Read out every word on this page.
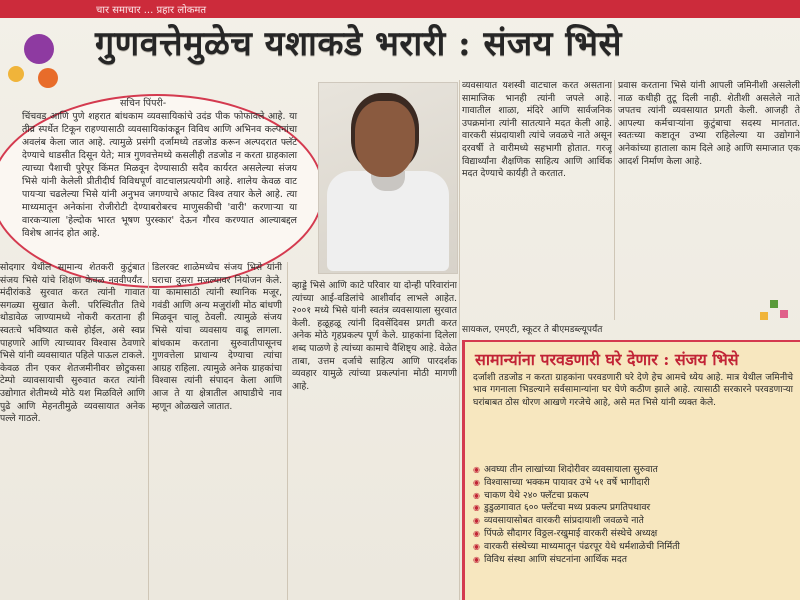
चार समाचार ... प्रहार लोकमत
गुणवत्तेमुळेच यशाकडे भरारी : संजय भिसे
सचिन पिंपरी-

चिंचवड आणि पुणे शहरात बांधकाम व्यवसायिकांचे उदंड पीक फोफावले आहे. या तीव्र स्पर्धेत टिकून राहण्यासाठी व्यवसायिकांकडून विविध आणि अभिनव कल्पनांचा अवलंब केला जात आहे. त्यामुळे प्रसंगी दर्जामध्ये तडजोड करून अल्पदरात फ्लॅट देण्याचे धाडसीत दिसून येते; मात्र गुणवत्तेमध्ये कसलीही तडजोड न करता ग्राहकाला त्याच्या पैशाची पुरेपूर किंमत मिळवून देण्यासाठी सदैव कार्यरत असलेल्या संजय भिसे यांनी केलेली प्रीतीदीर्घ विविधपूर्ण वाटचालप्रत्ययोगी आहे. शालेय केवळ वाट पायऱ्या चढलेल्या भिसे यांनी अनुभव जगण्याचे अफाट विश्व तयार केले आहे. त्या माध्यमातून अनेकांना रोजीरोटी देण्याबरोबरच माणुसकीची 'वारी' करणाऱ्या या वारकऱ्याला 'हेल्दोक भारत भूषण पुरस्कार' देऊन गौरव करण्यात आल्याबद्दल विशेष आनंद होत आहे.

सोदगार येथील सामान्य शेतकरी कुटुंबात संजय भिसे यांचे शिक्षण केवळ नववीपर्यंत. मंदीरांकडे सुरवात करत त्यांनी गावात सगळ्या सुखात केली. परिस्थितीत तिथे थोडावेळ जाण्यामध्ये नोकरी करताना ही स्वतःचे भविष्यात कसे होईल, असे स्वप्न पाहणारे आणि त्याच्यावर विश्वास ठेवणारे भिसे यांनी व्यवसायात पहिले पाऊल टाकले. केवळ तीन एकर शेतजमीनीवर छोटुकसा टेम्पो व्यावसायाची सुरुवात करत त्यांनी उद्योगात शेतीमध्ये मोठे यश मिळविले आणि पुढे आणि मेहनतीमुळे व्यवसायात अनेक पल्ले गाठले.

डिलरक्ट शाळेमध्येच संजय भिसे यांनी घराचा दुसरा मजल्यावर नियोजन केले. या कामासाठी त्यांनी स्थानिक मजूर, गवंडी आणि अन्य मजुरांशी मोठ बांधणी मिळवून चालू ठेवली. त्यामुळे संजय भिसे यांचा व्यवसाय वाढू लागला. बांधकाम करताना सुरुवातीपासूनच गुणवत्तेला प्राधान्य देण्याचा त्यांचा आग्रह राहिला. त्यामुळे अनेक ग्राहकांचा विश्वास त्यांनी संपादन केला आणि आज ते या क्षेत्रातील आघाडीचे नाव म्हणून ओळखले जातात.

व्हाड्डे भिसे आणि काटे परिवार या दोन्ही परिवारांना त्यांच्या आई-वडिलांचे आशीर्वाद लाभले आहेत. २००१ मध्ये भिसे यांनी स्वतंत्र व्यवसायाला सुरवात केली. हळूहळू त्यांनी दिवसेंदिवस प्रगती करत अनेक मोठे गृहप्रकल्प पूर्ण केले. ग्राहकांना दिलेला शब्द पाळणे हे त्यांच्या कामाचे वैशिष्ट्य आहे. वेळेत ताबा, उत्तम दर्जाचे साहित्य आणि पारदर्शक व्यवहार यामुळे त्यांच्या प्रकल्पांना मोठी मागणी आहे.

व्यवसायात यशस्वी वाटचाल करत असताना सामाजिक भानही त्यांनी जपले आहे. गावातील शाळा, मंदिरे आणि सार्वजनिक उपक्रमांना त्यांनी सातत्याने मदत केली आहे. वारकरी संप्रदायाशी त्यांचे जवळचे नाते असून दरवर्षी ते वारीमध्ये सहभागी होतात. गरजू विद्यार्थ्यांना शैक्षणिक साहित्य आणि आर्थिक मदत देण्याचे कार्यही ते करतात.

प्रवास करताना भिसे यांनी आपली जमिनीशी असलेली नाळ कधीही तुटू दिली नाही. शेतीशी असलेले नाते जपतच त्यांनी व्यवसायात प्रगती केली. आजही ते आपल्या कर्मचाऱ्यांना कुटुंबाचा सदस्य मानतात. स्वतःच्या कष्टातून उभ्या राहिलेल्या या उद्योगाने अनेकांच्या हाताला काम दिले आहे आणि समाजात एक आदर्श निर्माण केला आहे.

सायकल, एमएटी, स्कूटर ते बीएमडब्ल्यूपर्यंत
सामान्यांना परवडणारी घरे देणार : संजय भिसे
दर्जाशी तडजोड न करता ग्राहकांना परवडणारी घरे देणे हेच आमचे ध्येय आहे. मात्र येथील जमिनीचे भाव गगनाला भिडल्याने सर्वसामान्यांना घर घेणे कठीण झाले आहे. त्यासाठी सरकारने परवडणाऱ्या घरांबाबत ठोस धोरण आखणे गरजेचे आहे, असे मत भिसे यांनी व्यक्त केले.
◉ अवघ्या तीन लाखांच्या शिदोरीवर व्यवसायाला सुरुवात
◉ विश्वासाच्या भक्कम पायावर उभे ५१ वर्षे भागीदारी
◉ चाकण येथे २४० फ्लॅटचा प्रकल्प
◉ डुडुळगावात ६०० फ्लॅटचा मध्य प्रकल्प प्रगतिपथावर
◉ व्यवसायासोबत वारकरी सांप्रदायाशी जवळचे नाते
◉ पिंपळे सौदागर विठ्ठल-रखुमाई वारकरी संस्थेचे अध्यक्ष
◉ वारकरी संस्थेच्या माध्यमातून पंढरपूर येथे धर्मशाळेची निर्मिती
◉ विविध संस्था आणि संघटनांना आर्थिक मदत
